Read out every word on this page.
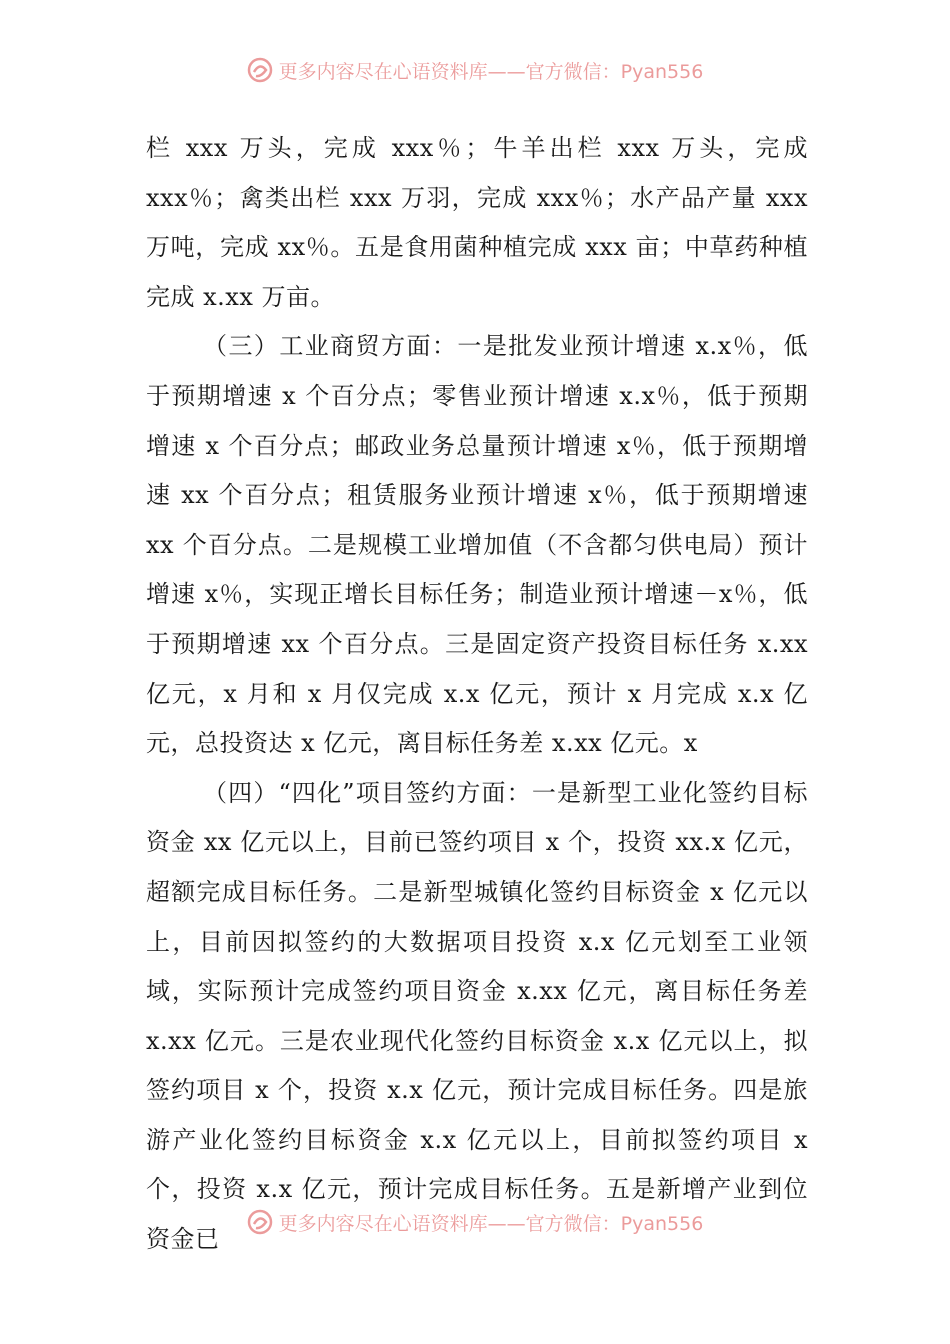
更多内容尽在心语资料库——官方微信：Pyan556

栏 xxx 万头，完成 xxx％；牛羊出栏 xxx 万头，完成 xxx％；禽类出栏 xxx 万羽，完成 xxx％；水产品产量 xxx 万吨，完成 xx％。五是食用菌种植完成 xxx 亩；中草药种植完成 x.xx 万亩。

（三）工业商贸方面：一是批发业预计增速 x.x％，低于预期增速 x 个百分点；零售业预计增速 x.x％，低于预期增速 x 个百分点；邮政业务总量预计增速 x％，低于预期增速 xx 个百分点；租赁服务业预计增速 x％，低于预期增速 xx 个百分点。二是规模工业增加值（不含都匀供电局）预计增速 x％，实现正增长目标任务；制造业预计增速－x％，低于预期增速 xx 个百分点。三是固定资产投资目标任务 x.xx 亿元，x 月和 x 月仅完成 x.x 亿元，预计 x 月完成 x.x 亿元，总投资达 x 亿元，离目标任务差 x.xx 亿元。x

（四）“四化”项目签约方面：一是新型工业化签约目标资金 xx 亿元以上，目前已签约项目 x 个，投资 xx.x 亿元，超额完成目标任务。二是新型城镇化签约目标资金 x 亿元以上，目前因拟签约的大数据项目投资 x.x 亿元划至工业领域，实际预计完成签约项目资金 x.xx 亿元，离目标任务差 x.xx 亿元。三是农业现代化签约目标资金 x.x 亿元以上，拟签约项目 x 个，投资 x.x 亿元，预计完成目标任务。四是旅游产业化签约目标资金 x.x 亿元以上，目前拟签约项目 x 个，投资 x.x 亿元，预计完成目标任务。五是新增产业到位资金已

更多内容尽在心语资料库——官方微信：Pyan556
